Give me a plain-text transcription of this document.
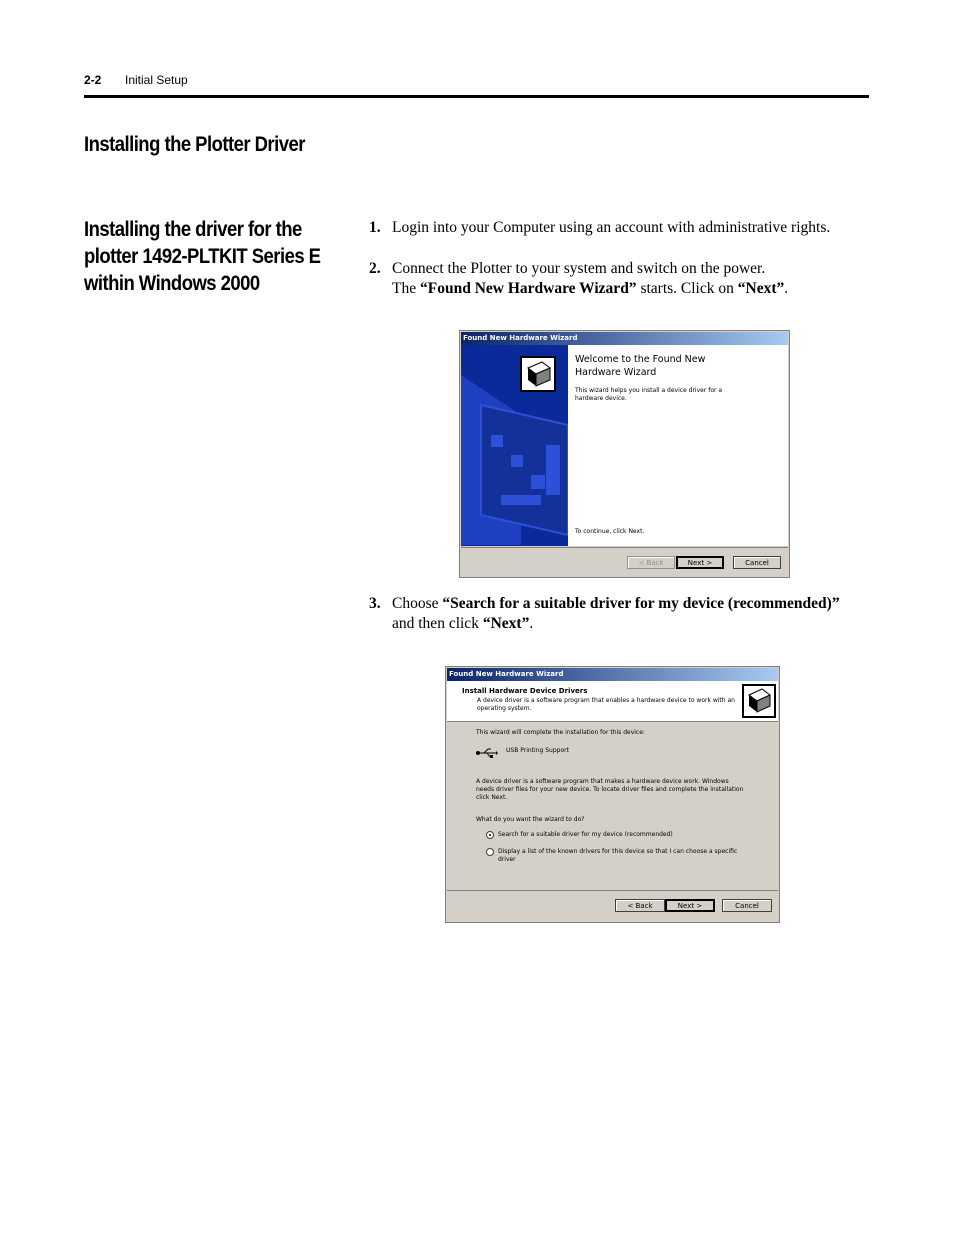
2-2 Initial Setup
Installing the Plotter Driver
Installing the driver for the
plotter 1492-PLTKIT Series E
within Windows 2000
1. Login into your Computer using an account with administrative rights.
2. Connect the Plotter to your system and switch on the power.
The “Found New Hardware Wizard” starts. Click on “Next”.
Found New Hardware Wizard
Welcome to the Found New Hardware Wizard
This wizard helps you install a device driver for a hardware device.
To continue, click Next.
< Back	Next >	Cancel
3. Choose “Search for a suitable driver for my device (recommended)”
and then click “Next”.
Found New Hardware Wizard
Install Hardware Device Drivers
A device driver is a software program that enables a hardware device to work with an operating system.
This wizard will complete the installation for this device:
USB Printing Support
A device driver is a software program that makes a hardware device work. Windows needs driver files for your new device. To locate driver files and complete the installation click Next.
What do you want the wizard to do?
Search for a suitable driver for my device (recommended)
Display a list of the known drivers for this device so that I can choose a specific driver
< Back	Next >	Cancel
